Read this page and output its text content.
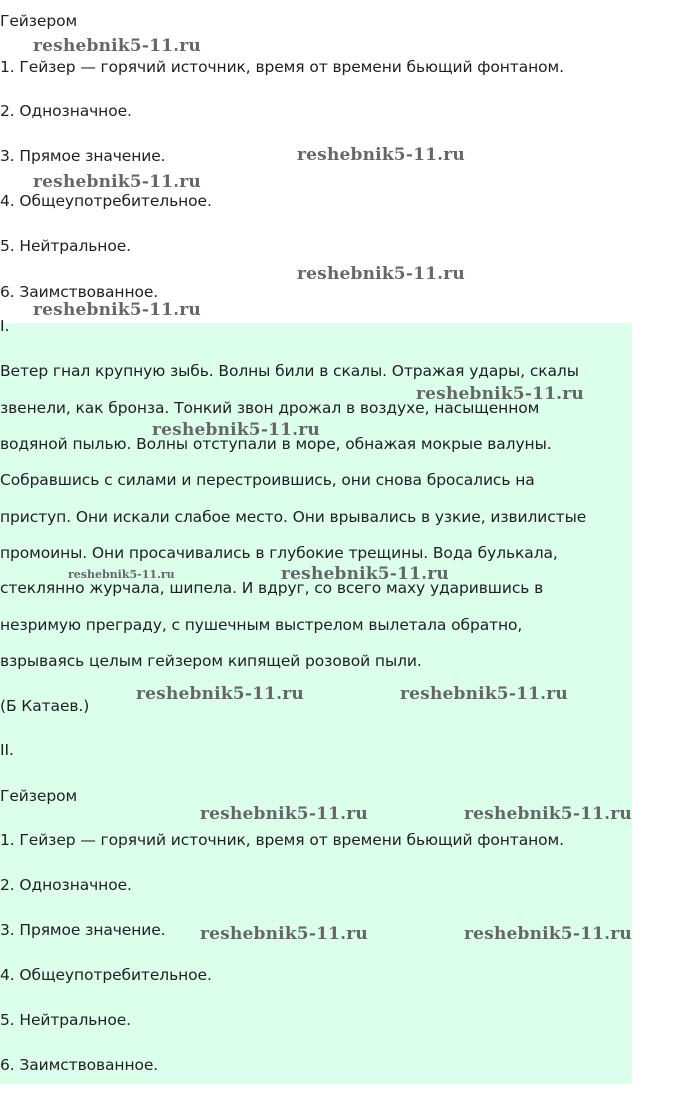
Гейзером

1. Гейзер — горячий источник, время от времени бьющий фонтаном.

2. Однозначное.

3. Прямое значение.

4. Общеупотребительное.

5. Нейтральное.

6. Заимствованное.

I.

Ветер гнал крупную зыбь. Волны били в скалы. Отражая удары, скалы

звенели, как бронза. Тонкий звон дрожал в воздухе, насыщенном

водяной пылью. Волны отступали в море, обнажая мокрые валуны.

Собравшись с силами и перестроившись, они снова бросались на

приступ. Они искали слабое место. Они врывались в узкие, извилистые

промоины. Они просачивались в глубокие трещины. Вода булькала,

стеклянно журчала, шипела. И вдруг, со всего маху ударившись в

незримую преграду, с пушечным выстрелом вылетала обратно,

взрываясь целым гейзером кипящей розовой пыли.

(Б Катаев.)

II.

Гейзером

1. Гейзер — горячий источник, время от времени бьющий фонтаном.

2. Однозначное.

3. Прямое значение.

4. Общеупотребительное.

5. Нейтральное.

6. Заимствованное.

reshebnik5-11.ru
reshebnik5-11.ru
reshebnik5-11.ru
reshebnik5-11.ru
reshebnik5-11.ru
reshebnik5-11.ru
reshebnik5-11.ru
reshebnik5-11.ru	reshebnik5-11.ru
reshebnik5-11.ru	reshebnik5-11.ru
reshebnik5-11.ru	reshebnik5-11.ru
reshebnik5-11.ru	reshebnik5-11.ru
